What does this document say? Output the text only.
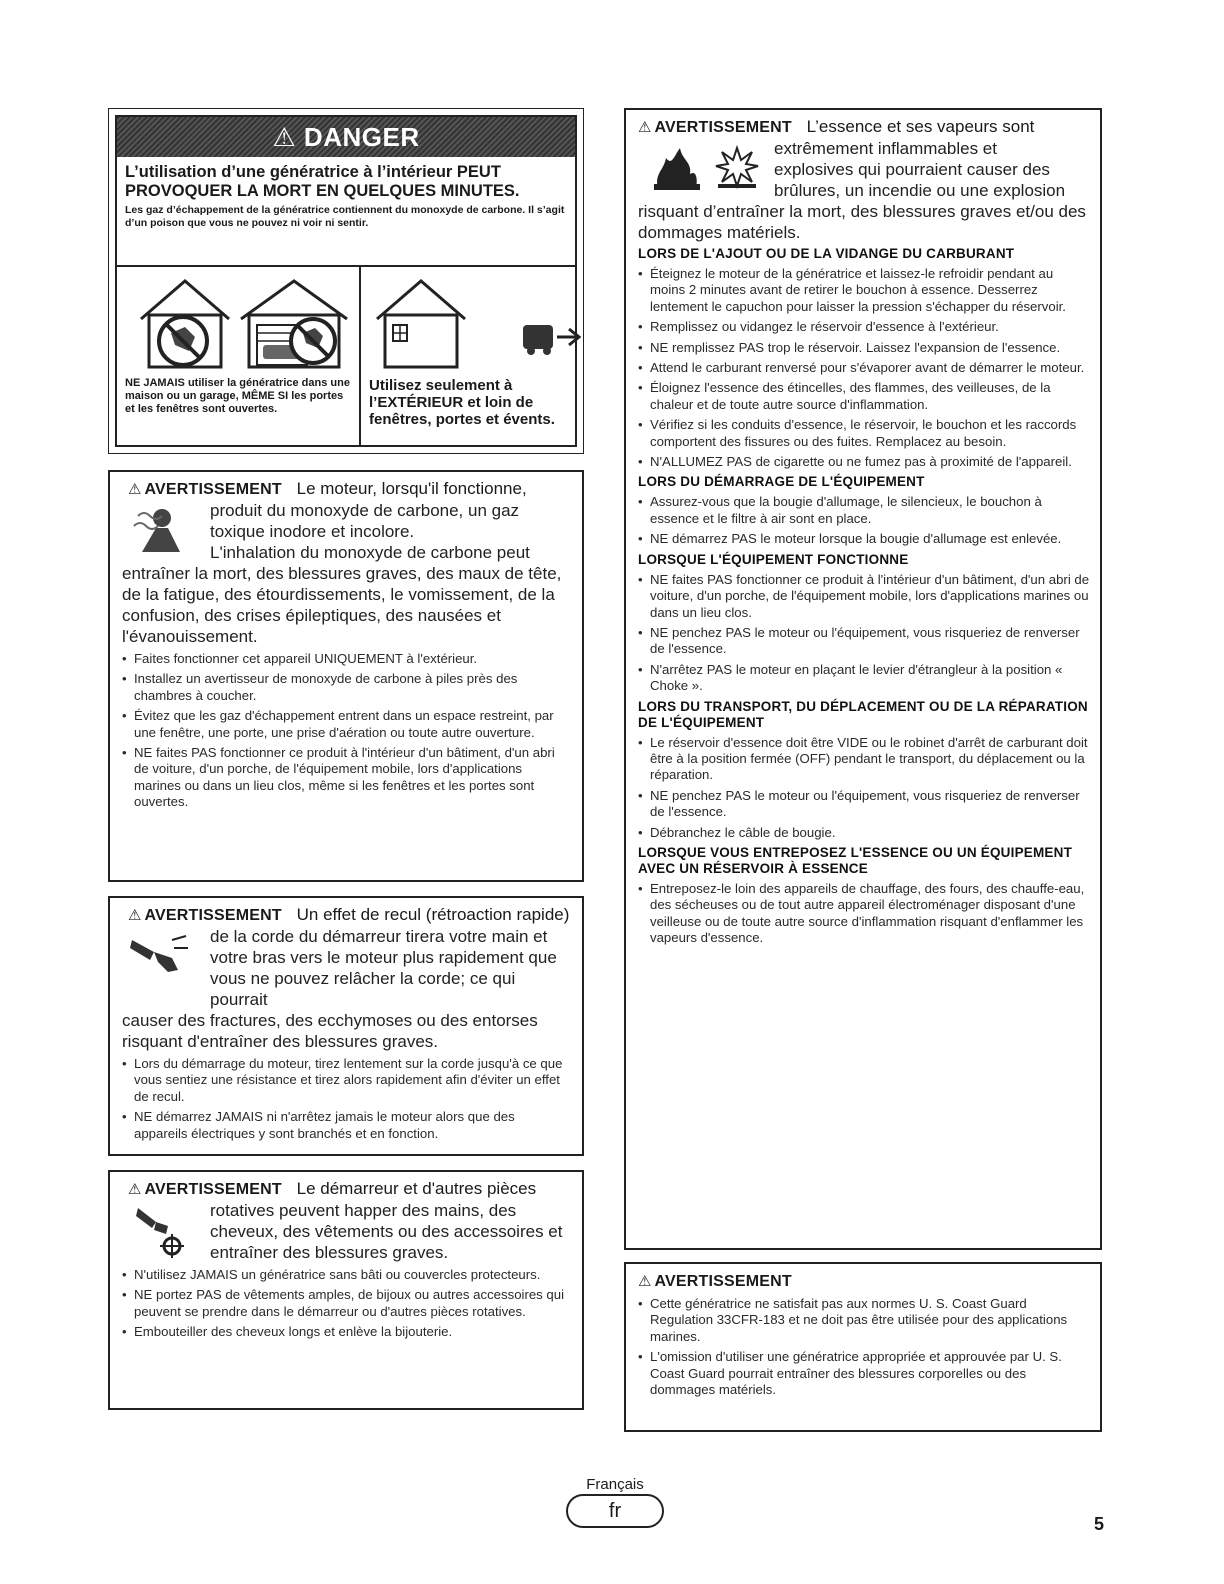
⚠ DANGER
L’utilisation d’une génératrice à l’intérieur PEUT PROVOQUER LA MORT EN QUELQUES MINUTES.
Les gaz d’échappement de la génératrice contiennent du monoxyde de carbone. Il s’agit d’un poison que vous ne pouvez ni voir ni sentir.
NE JAMAIS utiliser la génératrice dans une maison ou un garage, MÊME SI les portes et les fenêtres sont ouvertes.
Utilisez seulement à l’EXTÉRIEUR et loin de fenêtres, portes et évents.
⚠ AVERTISSEMENT Le moteur, lorsqu'il fonctionne,
produit du monoxyde de carbone, un gaz
toxique inodore et incolore.
L'inhalation du monoxyde de carbone peut
entraîner la mort, des blessures graves, des maux de tête, de la fatigue, des étourdissements, le vomissement, de la confusion, des crises épileptiques, des nausées et l'évanouissement.
• Faites fonctionner cet appareil UNIQUEMENT à l'extérieur.
• Installez un avertisseur de monoxyde de carbone à piles près des chambres à coucher.
• Évitez que les gaz d'échappement entrent dans un espace restreint, par une fenêtre, une porte, une prise d'aération ou toute autre ouverture.
• NE faites PAS fonctionner ce produit à l'intérieur d'un bâtiment, d'un abri de voiture, d'un porche, de l'équipement mobile, lors d'applications marines ou dans un lieu clos, même si les fenêtres et les portes sont ouvertes.
⚠ AVERTISSEMENT Un effet de recul (rétroaction rapide)
de la corde du démarreur tirera votre main et
votre bras vers le moteur plus rapidement que
vous ne pouvez relâcher la corde; ce qui pourrait
causer des fractures, des ecchymoses ou des entorses risquant d'entraîner des blessures graves.
• Lors du démarrage du moteur, tirez lentement sur la corde jusqu'à ce que vous sentiez une résistance et tirez alors rapidement afin d'éviter un effet de recul.
• NE démarrez JAMAIS ni n'arrêtez jamais le moteur alors que des appareils électriques y sont branchés et en fonction.
⚠ AVERTISSEMENT Le démarreur et d'autres pièces
rotatives peuvent happer des mains, des
cheveux, des vêtements ou des accessoires et
entraîner des blessures graves.
• N'utilisez JAMAIS un génératrice sans bâti ou couvercles protecteurs.
• NE portez PAS de vêtements amples, de bijoux ou autres accessoires qui peuvent se prendre dans le démarreur ou d'autres pièces rotatives.
• Embouteiller des cheveux longs et enlève la bijouterie.
⚠ AVERTISSEMENT L’essence et ses vapeurs sont
extrêmement inflammables et
explosives qui pourraient causer des
brûlures, un incendie ou une explosion
risquant d’entraîner la mort, des blessures graves et/ou des dommages matériels.
LORS DE L'AJOUT OU DE LA VIDANGE DU CARBURANT
• Éteignez le moteur de la génératrice et laissez-le refroidir pendant au moins 2 minutes avant de retirer le bouchon à essence. Desserrez lentement le capuchon pour laisser la pression s'échapper du réservoir.
• Remplissez ou vidangez le réservoir d'essence à l'extérieur.
• NE remplissez PAS trop le réservoir. Laissez l'expansion de l'essence.
• Attend le carburant renversé pour s'évaporer avant de démarrer le moteur.
• Éloignez l'essence des étincelles, des flammes, des veilleuses, de la chaleur et de toute autre source d'inflammation.
• Vérifiez si les conduits d'essence, le réservoir, le bouchon et les raccords comportent des fissures ou des fuites. Remplacez au besoin.
• N'ALLUMEZ PAS de cigarette ou ne fumez pas à proximité de l'appareil.
LORS DU DÉMARRAGE DE L'ÉQUIPEMENT
• Assurez-vous que la bougie d'allumage, le silencieux, le bouchon à essence et le filtre à air sont en place.
• NE démarrez PAS le moteur lorsque la bougie d'allumage est enlevée.
LORSQUE L'ÉQUIPEMENT FONCTIONNE
• NE faites PAS fonctionner ce produit à l'intérieur d'un bâtiment, d'un abri de voiture, d'un porche, de l'équipement mobile, lors d'applications marines ou dans un lieu clos.
• NE penchez PAS le moteur ou l'équipement, vous risqueriez de renverser de l'essence.
• N'arrêtez PAS le moteur en plaçant le levier d'étrangleur à la position « Choke ».
LORS DU TRANSPORT, DU DÉPLACEMENT OU DE LA RÉPARATION DE L'ÉQUIPEMENT
• Le réservoir d'essence doit être VIDE ou le robinet d'arrêt de carburant doit être à la position fermée (OFF) pendant le transport, du déplacement ou la réparation.
• NE penchez PAS le moteur ou l'équipement, vous risqueriez de renverser de l'essence.
• Débranchez le câble de bougie.
LORSQUE VOUS ENTREPOSEZ L'ESSENCE OU UN ÉQUIPEMENT AVEC UN RÉSERVOIR À ESSENCE
• Entreposez-le loin des appareils de chauffage, des fours, des chauffe-eau, des sécheuses ou de tout autre appareil électroménager disposant d'une veilleuse ou de toute autre source d'inflammation risquant d'enflammer les vapeurs d'essence.
⚠ AVERTISSEMENT
• Cette génératrice ne satisfait pas aux normes U. S. Coast Guard Regulation 33CFR-183 et ne doit pas être utilisée pour des applications marines.
• L'omission d'utiliser une génératrice appropriée et approuvée par U. S. Coast Guard pourrait entraîner des blessures corporelles ou des dommages matériels.
Français
fr
5
